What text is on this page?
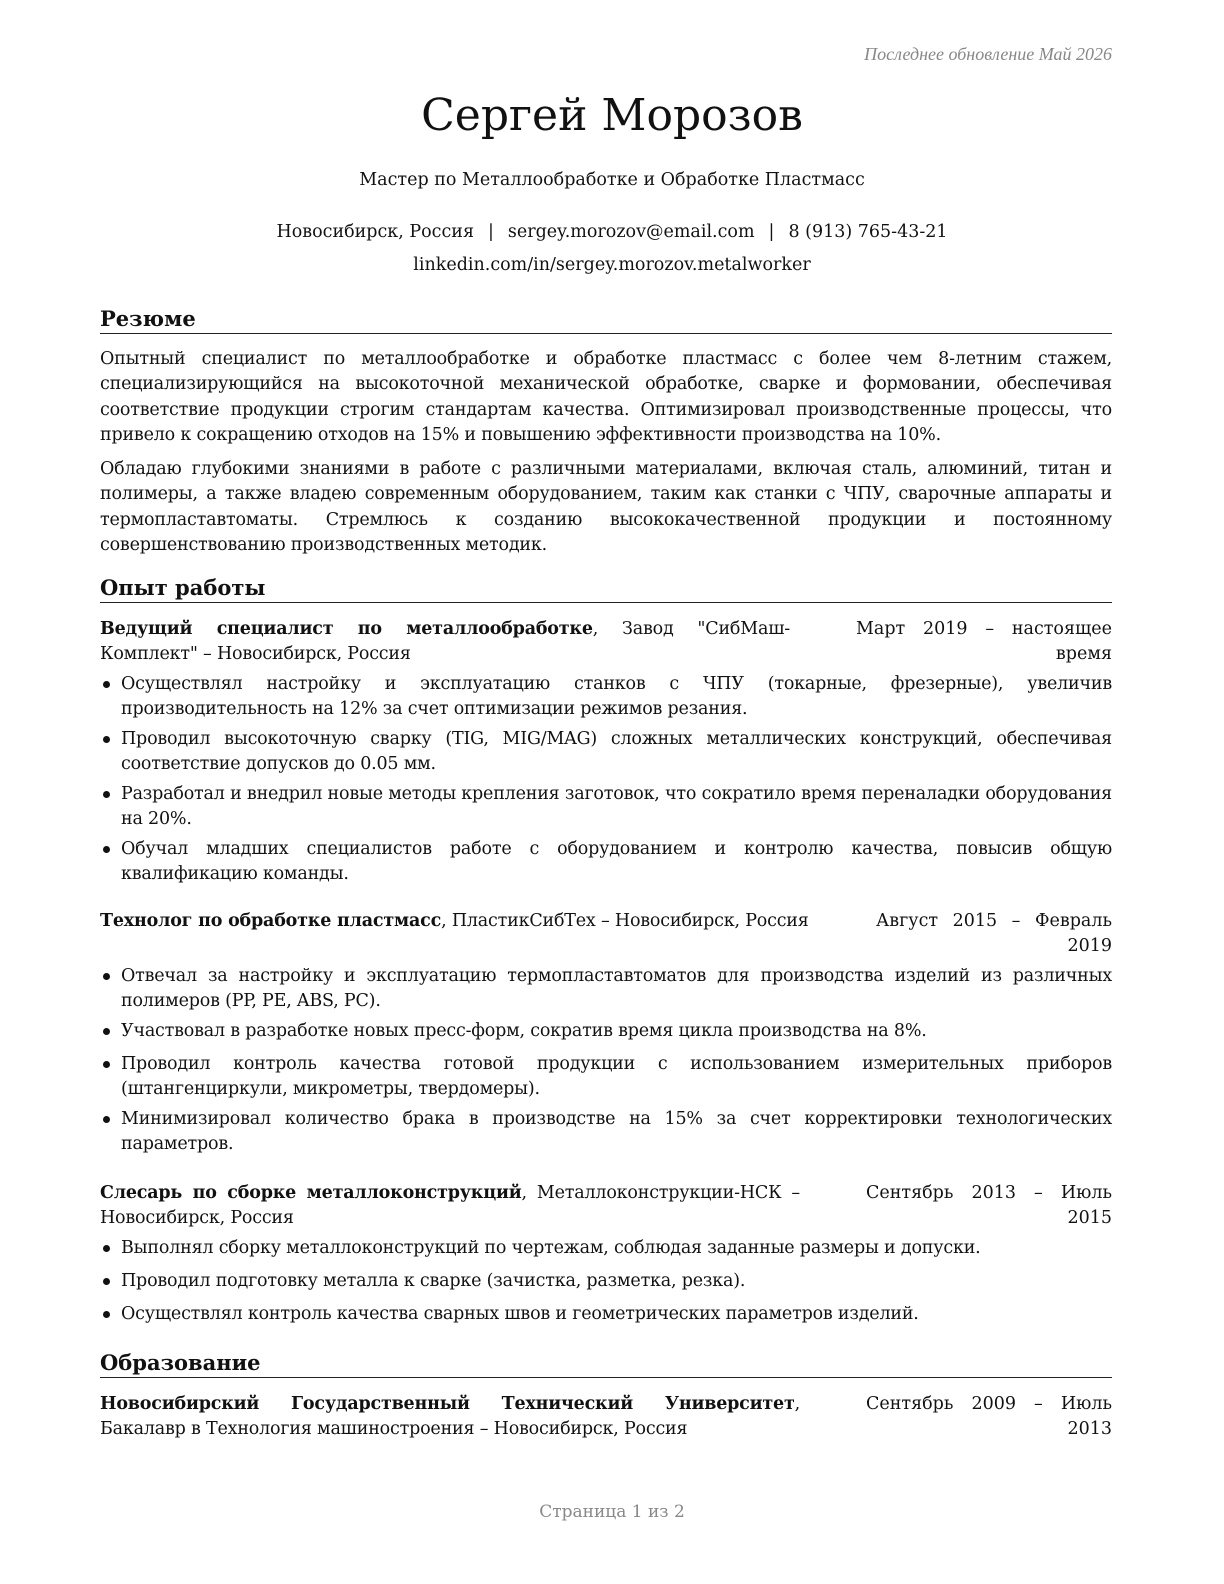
Последнее обновление Май 2026
Сергей Морозов
Мастер по Металлообработке и Обработке Пластмасс
Новосибирск, Россия | sergey.morozov@email.com | 8 (913) 765-43-21
linkedin.com/in/sergey.morozov.metalworker
Резюме

Опытный специалист по металлообработке и обработке пластмасс с более чем 8-летним стажем, специализирующийся на высокоточной механической обработке, сварке и формовании, обеспечивая соответствие продукции строгим стандартам качества. Оптимизировал производственные процессы, что привело к сокращению отходов на 15% и повышению эффективности производства на 10%.

Обладаю глубокими знаниями в работе с различными материалами, включая сталь, алюминий, титан и полимеры, а также владею современным оборудованием, таким как станки с ЧПУ, сварочные аппараты и термопластавтоматы. Стремлюсь к созданию высококачественной продукции и постоянному совершенствованию производственных методик.

Опыт работы
Ведущий специалист по металлообработке, Завод "СибМаш-Комплект" – Новосибирск, Россия
Март 2019 – настоящее время
Осуществлял настройку и эксплуатацию станков с ЧПУ (токарные, фрезерные), увеличив производительность на 12% за счет оптимизации режимов резания.
Проводил высокоточную сварку (TIG, MIG/MAG) сложных металлических конструкций, обеспечивая соответствие допусков до 0.05 мм.
Разработал и внедрил новые методы крепления заготовок, что сократило время переналадки оборудования на 20%.
Обучал младших специалистов работе с оборудованием и контролю качества, повысив общую квалификацию команды.
Технолог по обработке пластмасс, ПластикСибТех – Новосибирск, Россия	Август 2015 – Февраль 2019
Отвечал за настройку и эксплуатацию термопластавтоматов для производства изделий из различных полимеров (PP, PE, ABS, PC).
Участвовал в разработке новых пресс-форм, сократив время цикла производства на 8%.
Проводил контроль качества готовой продукции с использованием измерительных приборов (штангенциркули, микрометры, твердомеры).
Минимизировал количество брака в производстве на 15% за счет корректировки технологических параметров.
Слесарь по сборке металлоконструкций, Металлоконструкции-НСК – Новосибирск, Россия
Сентябрь 2013 – Июль 2015
Выполнял сборку металлоконструкций по чертежам, соблюдая заданные размеры и допуски.
Проводил подготовку металла к сварке (зачистка, разметка, резка).
Осуществлял контроль качества сварных швов и геометрических параметров изделий.
Образование
Новосибирский Государственный Технический Университет, Бакалавр в Технология машиностроения – Новосибирск, Россия
Сентябрь 2009 – Июль 2013
Страница 1 из 2
